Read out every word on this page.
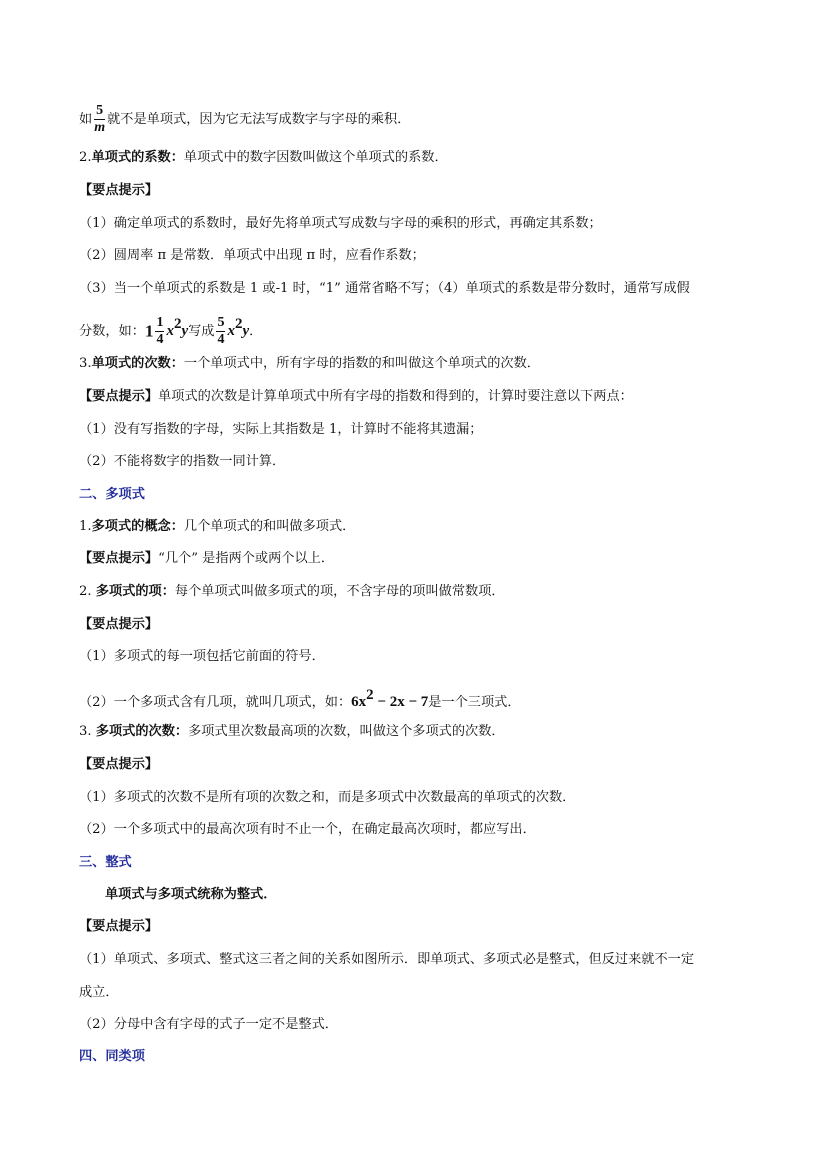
如 $\frac{5}{m}$ 就不是单项式，因为它无法写成数字与字母的乘积．
2.单项式的系数：单项式中的数字因数叫做这个单项式的系数．
【要点提示】
（1）确定单项式的系数时，最好先将单项式写成数与字母的乘积的形式，再确定其系数；
（2）圆周率 π 是常数．单项式中出现 π 时，应看作系数；
（3）当一个单项式的系数是 1 或-1 时，“1” 通常省略不写；（4）单项式的系数是带分数时，通常写成假
分数，如：$1 \frac{1}{4} x^2y$写成 $\frac{5}{4} x^2y$．
3.单项式的次数：一个单项式中，所有字母的指数的和叫做这个单项式的次数．
【要点提示】单项式的次数是计算单项式中所有字母的指数和得到的，计算时要注意以下两点：
（1）没有写指数的字母，实际上其指数是 1，计算时不能将其遗漏；
（2）不能将数字的指数一同计算．
二、多项式
1.多项式的概念：几个单项式的和叫做多项式．
【要点提示】“几个” 是指两个或两个以上．
2. 多项式的项：每个单项式叫做多项式的项，不含字母的项叫做常数项．
【要点提示】
（1）多项式的每一项包括它前面的符号．
（2）一个多项式含有几项，就叫几项式，如：$6x^2 - 2x - 7$是一个三项式．
3. 多项式的次数：多项式里次数最高项的次数，叫做这个多项式的次数．
【要点提示】
（1）多项式的次数不是所有项的次数之和，而是多项式中次数最高的单项式的次数．
（2）一个多项式中的最高次项有时不止一个，在确定最高次项时，都应写出．
三、整式
单项式与多项式统称为整式．
【要点提示】
（1）单项式、多项式、整式这三者之间的关系如图所示．即单项式、多项式必是整式，但反过来就不一定
成立．
（2）分母中含有字母的式子一定不是整式．
四、同类项
